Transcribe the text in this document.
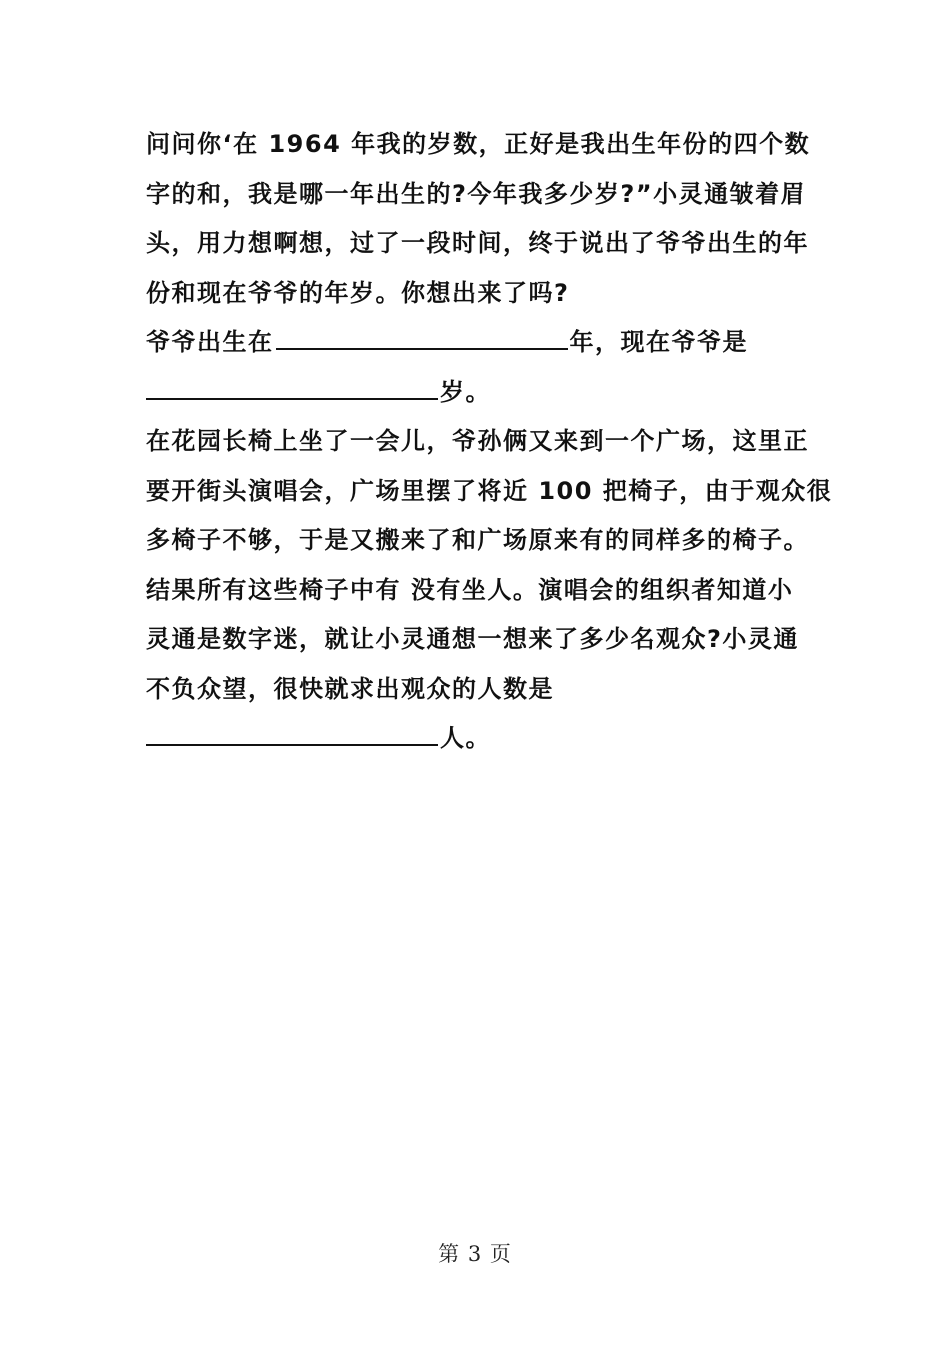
问问你‘在 1964 年我的岁数，正好是我出生年份的四个数
字的和，我是哪一年出生的?今年我多少岁?”小灵通皱着眉
头，用力想啊想，过了一段时间，终于说出了爷爷出生的年
份和现在爷爷的年岁。你想出来了吗?
爷爷出生在	年，现在爷爷是
岁。
在花园长椅上坐了一会儿，爷孙俩又来到一个广场，这里正
要开街头演唱会，广场里摆了将近 100 把椅子，由于观众很
多椅子不够，于是又搬来了和广场原来有的同样多的椅子。
结果所有这些椅子中有 没有坐人。演唱会的组织者知道小
灵通是数字迷，就让小灵通想一想来了多少名观众?小灵通
不负众望，很快就求出观众的人数是
人。
第 3 页
